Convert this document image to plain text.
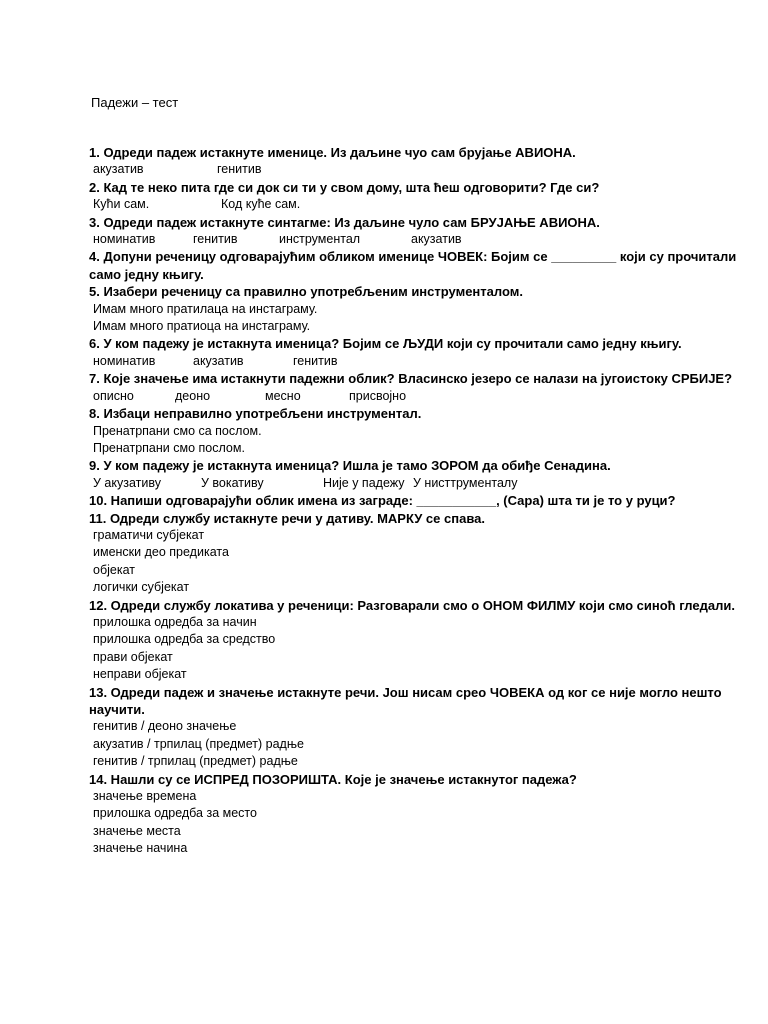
Падежи – тест
1. Одреди падеж истакнуте именице. Из даљине чуо сам брујање АВИОНА.
акузатив	генитив
2. Кад те неко пита где си док си ти у свом дому, шта ћеш одговорити? Где си?
Кући сам.	Код куће сам.
3. Одреди падеж истакнуте синтагме: Из даљине чуло сам БРУЈАЊЕ АВИОНА.
номинатив	генитив	инструментал	акузатив
4. Допуни реченицу одговарајућим обликом именице ЧОВЕК: Бојим се _________ који су прочитали само једну књигу.
5. Изабери реченицу са правилно употребљеним инструменталом.
Имам много пратилаца на инстаграму.
Имам много пратиоца на инстаграму.
6. У ком падежу је истакнута именица? Бојим се ЉУДИ који су прочитали само једну књигу.
номинатив	акузатив	генитив
7. Које значење има истакнути падежни облик? Власинско језеро се налази на југоистоку СРБИЈЕ?
описно	деоно	месно	присвојно
8. Избаци неправилно употребљени инструментал.
Пренатрпани смо са послом.
Пренатрпани смо послом.
9. У ком падежу је истакнута именица? Ишла је тамо ЗОРОМ да обиђе Сенадина.
У акузативу	У вокативу	Није у падежу У нисттрументалу
10. Напиши одговарајући облик имена из заграде: ___________, (Сара) шта ти је то у руци?
11. Одреди службу истакнуте речи у дативу. МАРКУ се спава.
граматичи субјекат
именски део предиката
објекат
логички субјекат
12. Одреди службу локатива у реченици: Разговарали смо о ОНОМ ФИЛМУ који смо синоћ гледали.
прилошка одредба за начин
прилошка одредба за средство
прави објекат
неправи објекат
13. Одреди падеж и значење истакнуте речи. Још нисам срео ЧОВЕКА од ког се није могло нешто научити.
генитив / деоно значење
акузатив / трпилац (предмет) радње
генитив / трпилац (предмет) радње
14. Нашли су се ИСПРЕД ПОЗОРИШТА. Које је значење истакнутог падежа?
значење времена
прилошка одредба за место
значење места
значење начина
